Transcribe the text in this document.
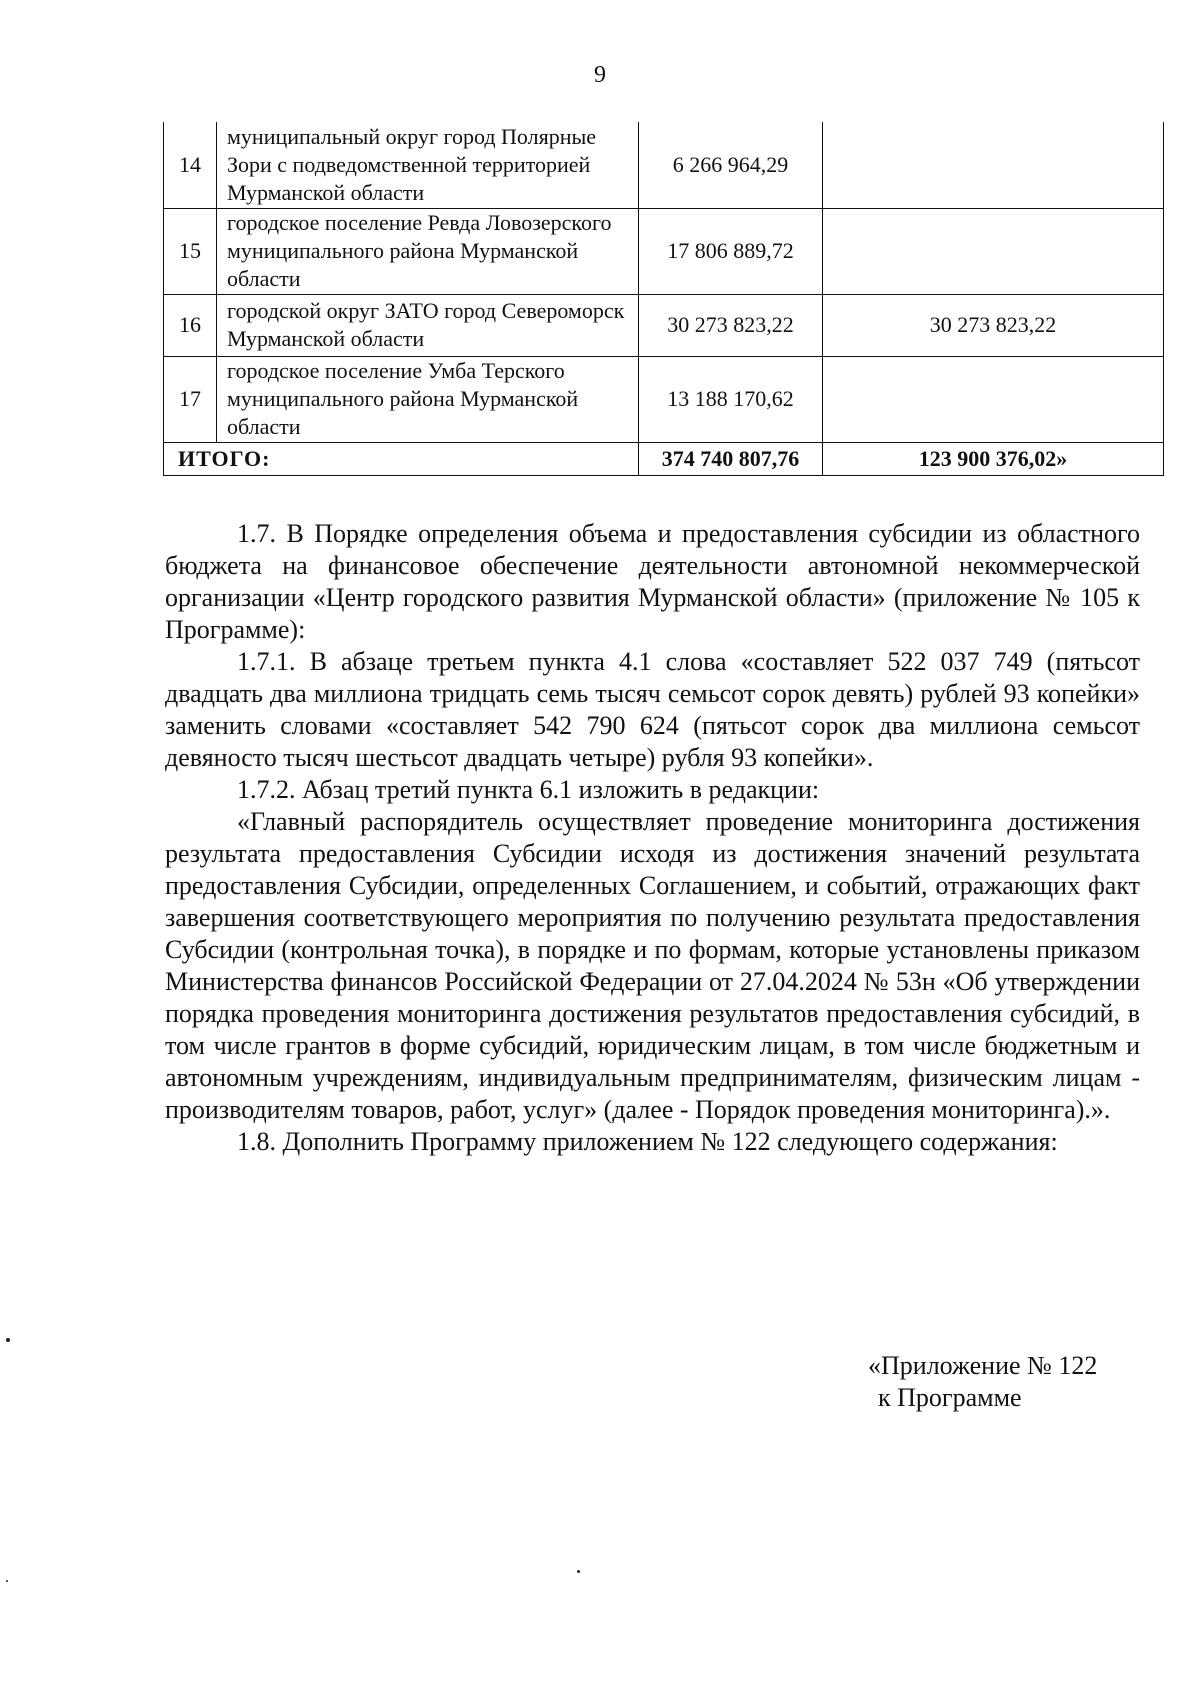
9
14	муниципальный округ город Полярные Зори с подведомственной территорией Мурманской области	6 266 964,29	
15	городское поселение Ревда Ловозерского муниципального района Мурманской области	17 806 889,72	
16	городской округ ЗАТО город Североморск Мурманской области	30 273 823,22	30 273 823,22
17	городское поселение Умба Терского муниципального района Мурманской области	13 188 170,62	
ИТОГО:		374 740 807,76	123 900 376,02»

1.7. В Порядке определения объема и предоставления субсидии из областного бюджета на финансовое обеспечение деятельности автономной некоммерческой организации «Центр городского развития Мурманской области» (приложение № 105 к Программе):

1.7.1. В абзаце третьем пункта 4.1 слова «составляет 522 037 749 (пятьсот двадцать два миллиона тридцать семь тысяч семьсот сорок девять) рублей 93 копейки» заменить словами «составляет 542 790 624 (пятьсот сорок два миллиона семьсот девяносто тысяч шестьсот двадцать четыре) рубля 93 копейки».

1.7.2. Абзац третий пункта 6.1 изложить в редакции:

«Главный распорядитель осуществляет проведение мониторинга достижения результата предоставления Субсидии исходя из достижения значений результата предоставления Субсидии, определенных Соглашением, и событий, отражающих факт завершения соответствующего мероприятия по получению результата предоставления Субсидии (контрольная точка), в порядке и по формам, которые установлены приказом Министерства финансов Российской Федерации от 27.04.2024 № 53н «Об утверждении порядка проведения мониторинга достижения результатов предоставления субсидий, в том числе грантов в форме субсидий, юридическим лицам, в том числе бюджетным и автономным учреждениям, индивидуальным предпринимателям, физическим лицам - производителям товаров, работ, услуг» (далее - Порядок проведения мониторинга).».

1.8. Дополнить Программу приложением № 122 следующего содержания:

«Приложение № 122
к Программе
